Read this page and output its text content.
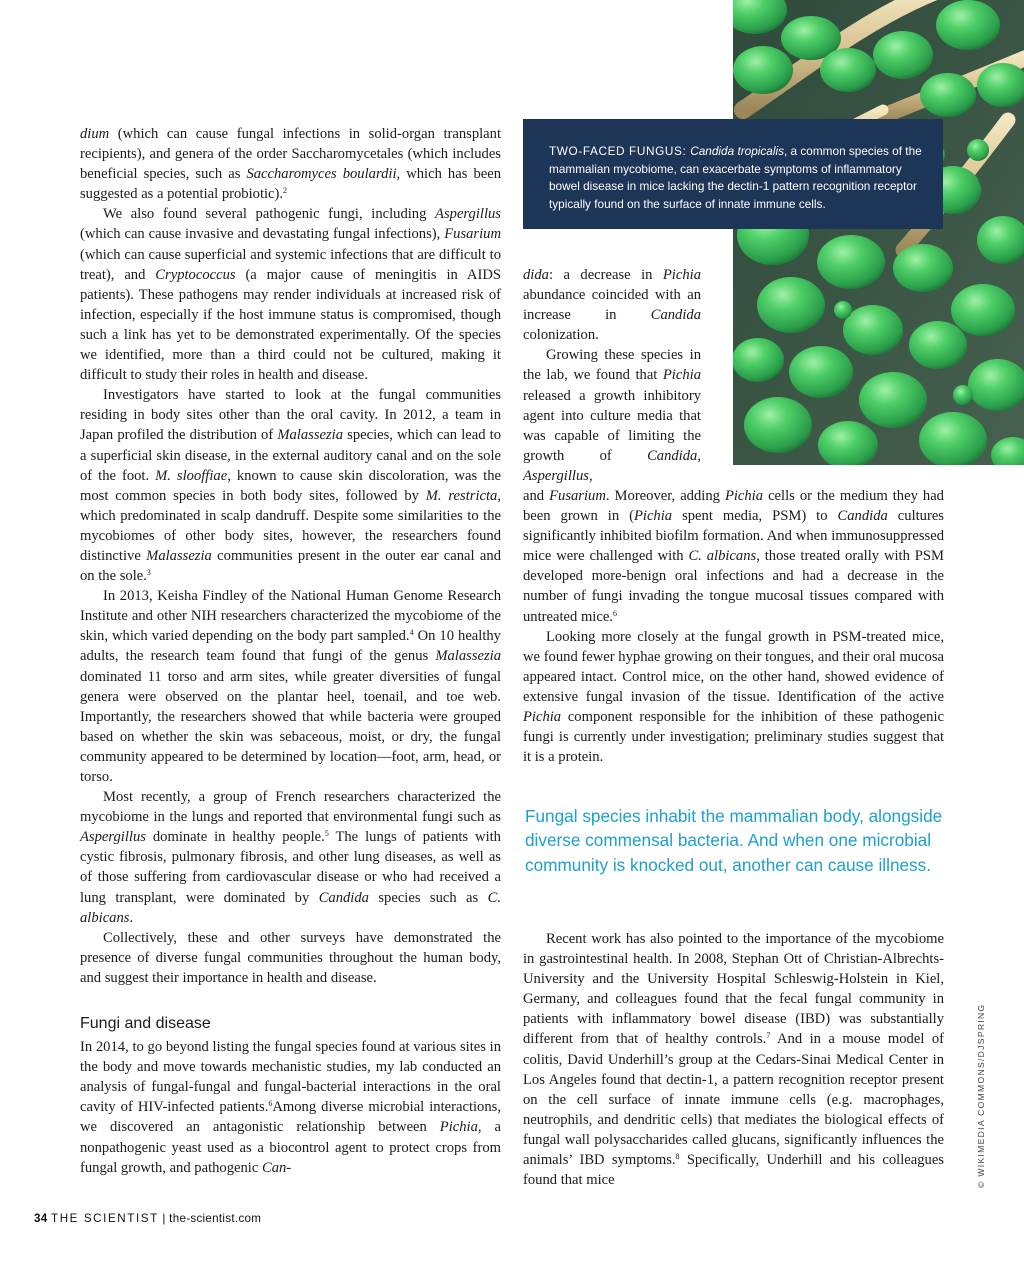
TWO-FACED FUNGUS: Candida tropicalis, a common species of the mammalian mycobiome, can exacerbate symptoms of inflammatory bowel disease in mice lacking the dectin-1 pattern recognition receptor typically found on the surface of innate immune cells.

dium (which can cause fungal infections in solid-organ transplant recipients), and genera of the order Saccharomycetales (which includes beneficial species, such as Saccharomyces boulardii, which has been suggested as a potential probiotic).$^2$

We also found several pathogenic fungi, including Aspergillus (which can cause invasive and devastating fungal infections), Fusarium (which can cause superficial and systemic infections that are difficult to treat), and Cryptococcus (a major cause of meningitis in AIDS patients). These pathogens may render individuals at increased risk of infection, especially if the host immune status is compromised, though such a link has yet to be demonstrated experimentally. Of the species we identified, more than a third could not be cultured, making it difficult to study their roles in health and disease.

Investigators have started to look at the fungal communities residing in body sites other than the oral cavity. In 2012, a team in Japan profiled the distribution of Malassezia species, which can lead to a superficial skin disease, in the external auditory canal and on the sole of the foot. M. slooffiae, known to cause skin discoloration, was the most common species in both body sites, followed by M. restricta, which predominated in scalp dandruff. Despite some similarities to the mycobiomes of other body sites, however, the researchers found distinctive Malassezia communities present in the outer ear canal and on the sole.$^3$

In 2013, Keisha Findley of the National Human Genome Research Institute and other NIH researchers characterized the mycobiome of the skin, which varied depending on the body part sampled.$^4$ On 10 healthy adults, the research team found that fungi of the genus Malassezia dominated 11 torso and arm sites, while greater diversities of fungal genera were observed on the plantar heel, toenail, and toe web. Importantly, the researchers showed that while bacteria were grouped based on whether the skin was sebaceous, moist, or dry, the fungal community appeared to be determined by location—foot, arm, head, or torso.

Most recently, a group of French researchers characterized the mycobiome in the lungs and reported that environmental fungi such as Aspergillus dominate in healthy people.$^5$ The lungs of patients with cystic fibrosis, pulmonary fibrosis, and other lung diseases, as well as of those suffering from cardiovascular disease or who had received a lung transplant, were dominated by Candida species such as C. albicans.

Collectively, these and other surveys have demonstrated the presence of diverse fungal communities throughout the human body, and suggest their importance in health and disease.

Fungi and disease

In 2014, to go beyond listing the fungal species found at various sites in the body and move towards mechanistic studies, my lab conducted an analysis of fungal-fungal and fungal-bacterial interactions in the oral cavity of HIV-infected patients.$^6$Among diverse microbial interactions, we discovered an antagonistic relationship between Pichia, a nonpathogenic yeast used as a biocontrol agent to protect crops from fungal growth, and pathogenic Can-

dida: a decrease in Pichia abundance coincided with an increase in Candida colonization.

Growing these species in the lab, we found that Pichia released a growth inhibitory agent into culture media that was capable of limiting the growth of Candida, Aspergillus,

and Fusarium. Moreover, adding Pichia cells or the medium they had been grown in (Pichia spent media, PSM) to Candida cultures significantly inhibited biofilm formation. And when immunosuppressed mice were challenged with C. albicans, those treated orally with PSM developed more-benign oral infections and had a decrease in the number of fungi invading the tongue mucosal tissues compared with untreated mice.$^6$

Looking more closely at the fungal growth in PSM-treated mice, we found fewer hyphae growing on their tongues, and their oral mucosa appeared intact. Control mice, on the other hand, showed evidence of extensive fungal invasion of the tissue. Identification of the active Pichia component responsible for the inhibition of these pathogenic fungi is currently under investigation; preliminary studies suggest that it is a protein.

Fungal species inhabit the mammalian body, alongside diverse commensal bacteria. And when one microbial community is knocked out, another can cause illness.

Recent work has also pointed to the importance of the mycobiome in gastrointestinal health. In 2008, Stephan Ott of Christian-Albrechts-University and the University Hospital Schleswig-Holstein in Kiel, Germany, and colleagues found that the fecal fungal community in patients with inflammatory bowel disease (IBD) was substantially different from that of healthy controls.$^7$ And in a mouse model of colitis, David Underhill’s group at the Cedars-Sinai Medical Center in Los Angeles found that dectin-1, a pattern recognition receptor present on the cell surface of innate immune cells (e.g. macrophages, neutrophils, and dendritic cells) that mediates the biological effects of fungal wall polysaccharides called glucans, significantly influences the animals’ IBD symptoms.$^8$ Specifically, Underhill and his colleagues found that mice	© WIKIMEDIA COMMONS/DJSPRING
34 THE SCIENTIST | the-scientist.com
